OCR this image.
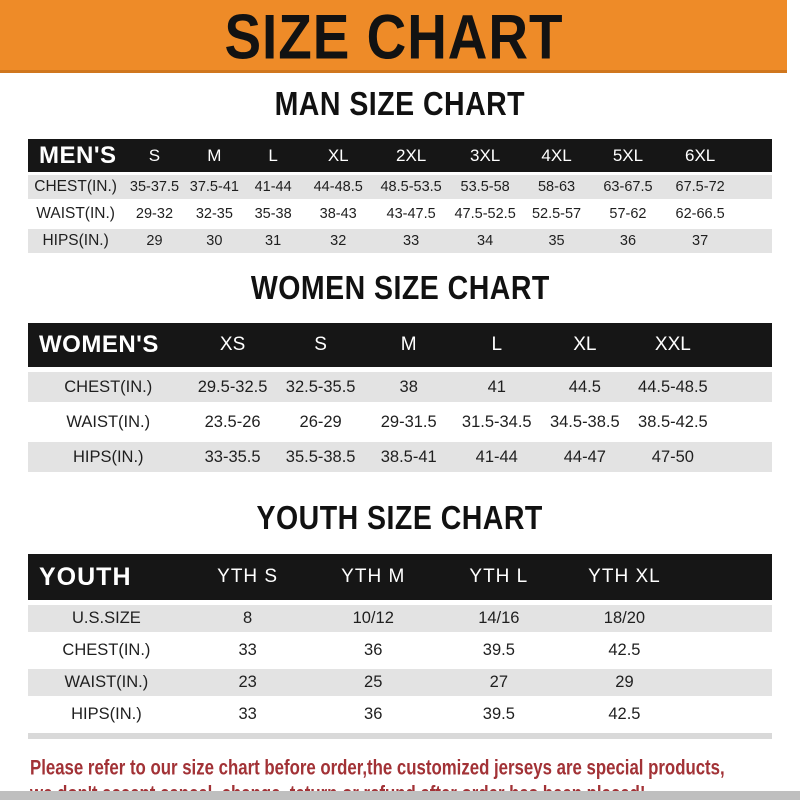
SIZE CHART
MAN SIZE CHART
MEN'S	S	M	L	XL	2XL	3XL	4XL	5XL	6XL	
CHEST(IN.)	35-37.5	37.5-41	41-44	44-48.5	48.5-53.5	53.5-58	58-63	63-67.5	67.5-72	
WAIST(IN.)	29-32	32-35	35-38	38-43	43-47.5	47.5-52.5	52.5-57	57-62	62-66.5	
HIPS(IN.)	29	30	31	32	33	34	35	36	37	
WOMEN SIZE CHART
WOMEN'S	XS	S	M	L	XL	XXL	
CHEST(IN.)	29.5-32.5	32.5-35.5	38	41	44.5	44.5-48.5	
WAIST(IN.)	23.5-26	26-29	29-31.5	31.5-34.5	34.5-38.5	38.5-42.5	
HIPS(IN.)	33-35.5	35.5-38.5	38.5-41	41-44	44-47	47-50	
YOUTH SIZE CHART
YOUTH	YTH S	YTH M	YTH L	YTH XL	
U.S.SIZE	8	10/12	14/16	18/20	
CHEST(IN.)	33	36	39.5	42.5	
WAIST(IN.)	23	25	27	29	
HIPS(IN.)	33	36	39.5	42.5	
Please refer to our size chart before order,the customized jerseys are special products,
